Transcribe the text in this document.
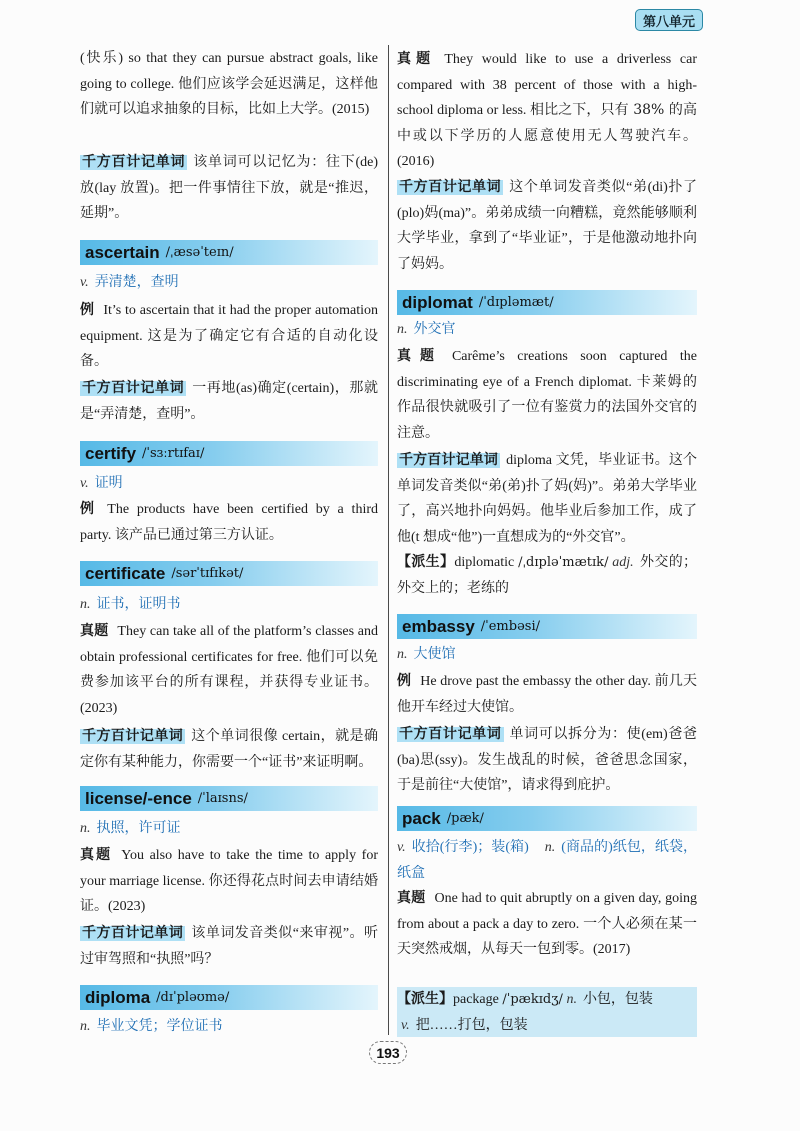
第八单元
(快乐) so that they can pursue abstract goals, like going to college. 他们应该学会延迟满足，这样他们就可以追求抽象的目标，比如上大学。(2015)
千方百计记单词 该单词可以记忆为：往下(de)放(lay 放置)。把一件事情往下放，就是“推迟，延期”。
ascertain /ˌæsəˈteɪn/
v. 弄清楚，查明
例 It’s to ascertain that it had the proper automation equipment. 这是为了确定它有合适的自动化设备。
千方百计记单词 一再地(as)确定(certain)，那就是“弄清楚，查明”。
certify /ˈsɜːrtɪfaɪ/
v. 证明
例 The products have been certified by a third party. 该产品已通过第三方认证。
certificate /sərˈtɪfɪkət/
n. 证书，证明书
真题 They can take all of the platform’s classes and obtain professional certificates for free. 他们可以免费参加该平台的所有课程，并获得专业证书。(2023)
千方百计记单词 这个单词很像 certain，就是确定你有某种能力，你需要一个“证书”来证明啊。
license/-ence /ˈlaɪsns/
n. 执照，许可证
真题 You also have to take the time to apply for your marriage license. 你还得花点时间去申请结婚证。(2023)
千方百计记单词 该单词发音类似“来审视”。听过审驾照和“执照”吗？
diploma /dɪˈpləʊmə/
n. 毕业文凭；学位证书
真题 They would like to use a driverless car compared with 38 percent of those with a high-school diploma or less. 相比之下，只有 38% 的高中或以下学历的人愿意使用无人驾驶汽车。(2016)
千方百计记单词 这个单词发音类似“弟(di)扑了(plo)妈(ma)”。弟弟成绩一向糟糕，竟然能够顺利大学毕业，拿到了“毕业证”，于是他激动地扑向了妈妈。
diplomat /ˈdɪpləmæt/
n. 外交官
真题 Carême’s creations soon captured the discriminating eye of a French diplomat. 卡莱姆的作品很快就吸引了一位有鉴赏力的法国外交官的注意。
千方百计记单词 diploma 文凭，毕业证书。这个单词发音类似“弟(弟)扑了妈(妈)”。弟弟大学毕业了，高兴地扑向妈妈。他毕业后参加工作，成了他(t 想成“他”)一直想成为的“外交官”。
【派生】diplomatic /ˌdɪpləˈmætɪk/ adj. 外交的；外交上的；老练的
embassy /ˈembəsi/
n. 大使馆
例 He drove past the embassy the other day. 前几天他开车经过大使馆。
千方百计记单词 单词可以拆分为：使(em)爸爸(ba)思(ssy)。发生战乱的时候，爸爸思念国家，于是前往“大使馆”，请求得到庇护。
pack /pæk/
v. 收拾(行李)；装(箱) n. (商品的)纸包，纸袋，纸盒
真题 One had to quit abruptly on a given day, going from about a pack a day to zero. 一个人必须在某一天突然戒烟，从每天一包到零。(2017)
【派生】package /ˈpækɪdʒ/ n. 小包，包装
v. 把……打包，包装
193
